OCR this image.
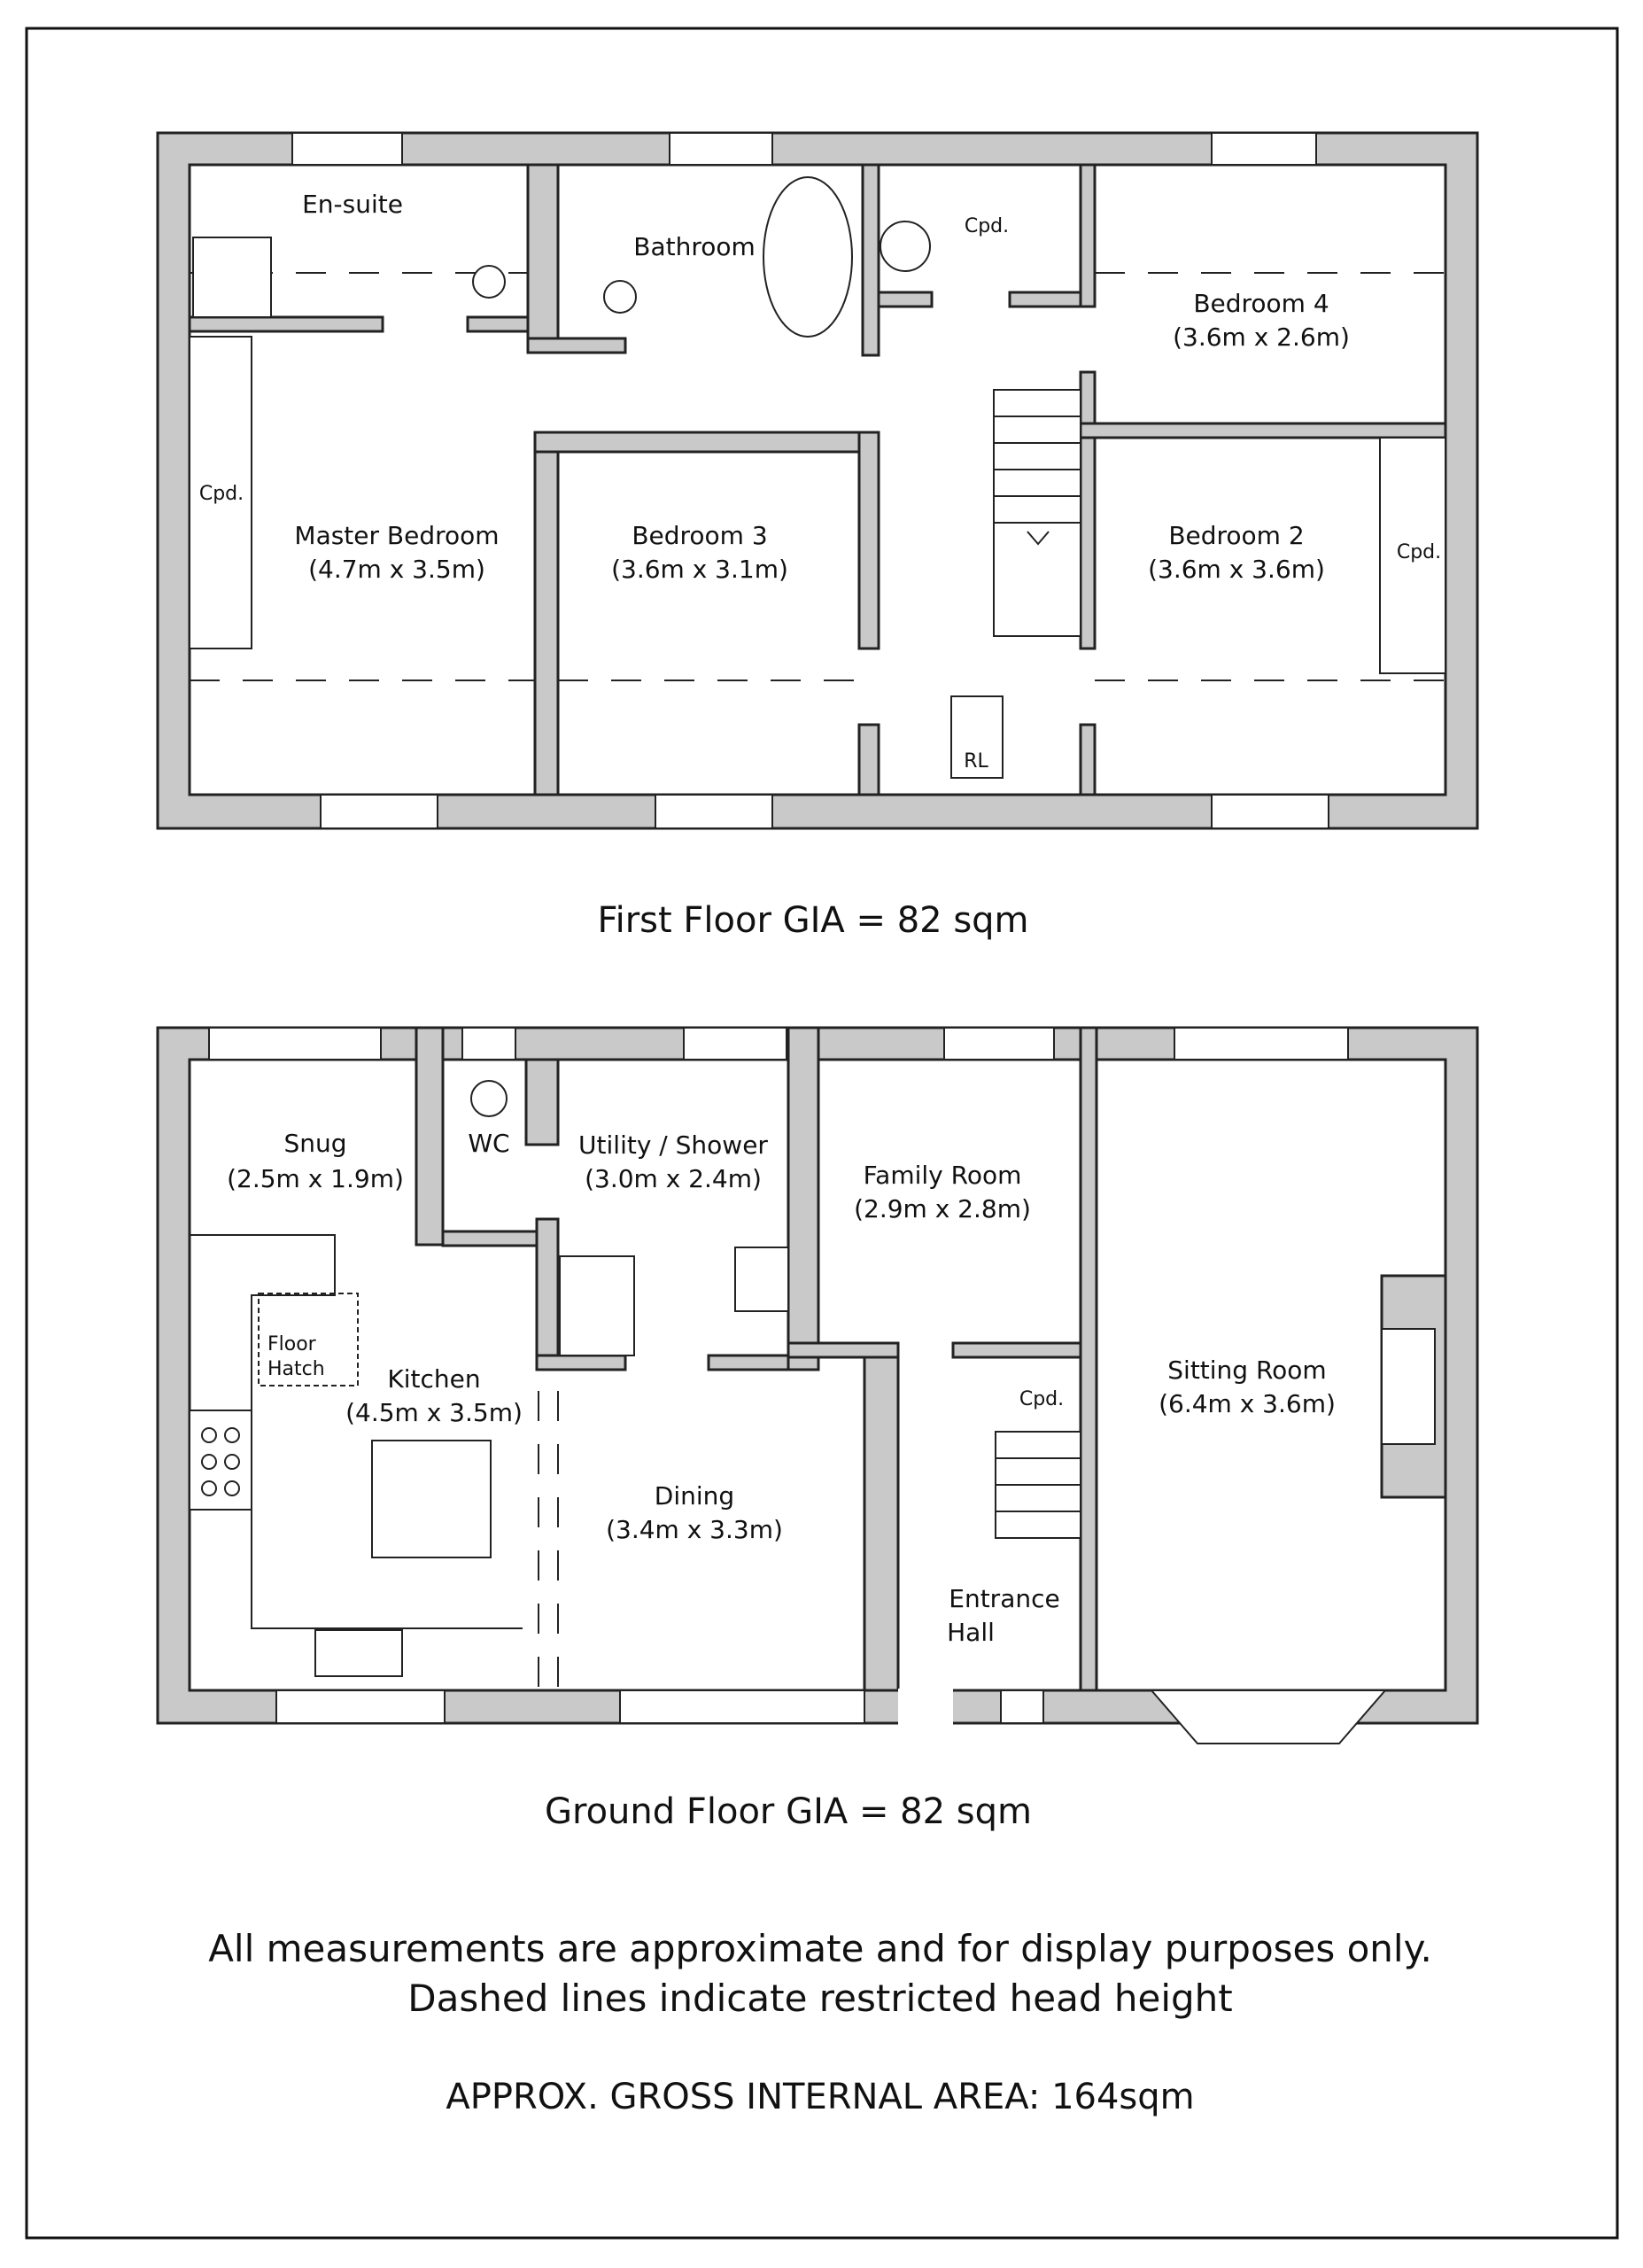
En-suite
Bathroom
Cpd.
Bedroom 4
(3.6m x 2.6m)
Cpd.
Master Bedroom
(4.7m x 3.5m)
Bedroom 3
(3.6m x 3.1m)
Bedroom 2
(3.6m x 3.6m)
Cpd.
RL
First Floor GIA = 82 sqm
Snug
(2.5m x 1.9m)
WC	Utility / Shower
(3.0m x 2.4m)	Family Room
(2.9m x 2.8m)
Floor
Hatch	Kitchen
(4.5m x 3.5m)
Sitting Room
(6.4m x 3.6m)
Cpd.
Dining
(3.4m x 3.3m)
Entrance
Hall
Ground Floor GIA = 82 sqm
All measurements are approximate and for display purposes only.
Dashed lines indicate restricted head height
APPROX. GROSS INTERNAL AREA: 164sqm
